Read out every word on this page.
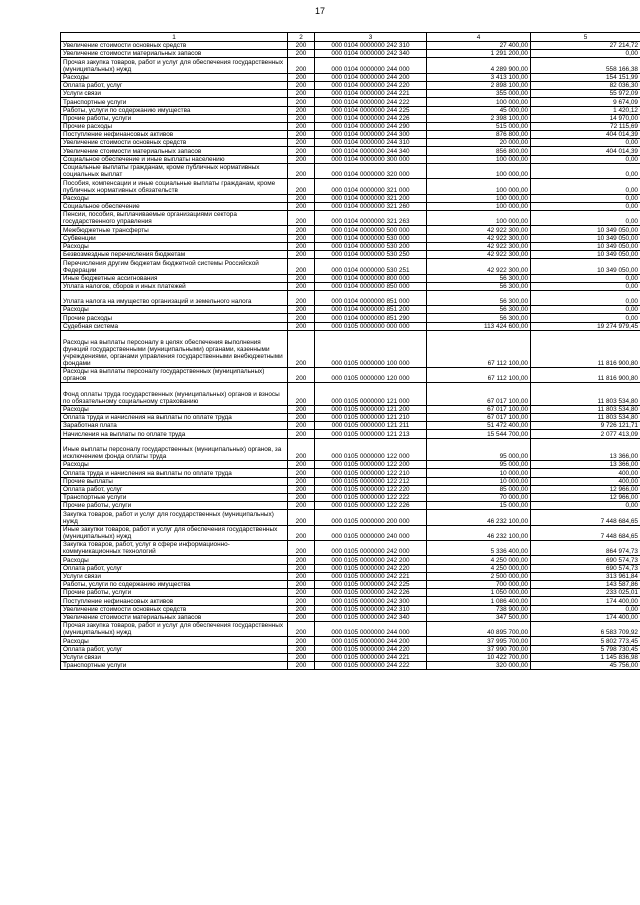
17
1	2	3	4	5
Увеличение стоимости основных средств	200	000 0104 0000000 242 310	27 400,00	27 214,72
Увеличение стоимости материальных запасов	200	000 0104 0000000 242 340	1 291 200,00	0,00
Прочая закупка товаров, работ и услуг для обеспечения государственных (муниципальных) нужд	200	000 0104 0000000 244 000	4 289 900,00	558 166,38
Расходы	200	000 0104 0000000 244 200	3 413 100,00	154 151,99
Оплата работ, услуг	200	000 0104 0000000 244 220	2 898 100,00	82 036,30
Услуги связи	200	000 0104 0000000 244 221	355 000,00	55 972,09
Транспортные услуги	200	000 0104 0000000 244 222	100 000,00	9 674,09
Работы, услуги по содержанию имущества	200	000 0104 0000000 244 225	45 000,00	1 420,12
Прочие работы, услуги	200	000 0104 0000000 244 226	2 398 100,00	14 970,00
Прочие расходы	200	000 0104 0000000 244 290	515 000,00	72 115,69
Поступление нефинансовых активов	200	000 0104 0000000 244 300	876 800,00	404 014,39
Увеличение стоимости основных средств	200	000 0104 0000000 244 310	20 000,00	0,00
Увеличение стоимости материальных запасов	200	000 0104 0000000 244 340	856 800,00	404 014,39
Социальное обеспечение и иные выплаты населению	200	000 0104 0000000 300 000	100 000,00	0,00
Социальные выплаты гражданам, кроме публичных нормативных социальных выплат	200	000 0104 0000000 320 000	100 000,00	0,00
Пособия, компенсации и иные социальные выплаты гражданам, кроме публичных нормативных обязательств	200	000 0104 0000000 321 000	100 000,00	0,00
Расходы	200	000 0104 0000000 321 200	100 000,00	0,00
Социальное обеспечение	200	000 0104 0000000 321 260	100 000,00	0,00
Пенсии, пособия, выплачиваемые организациями сектора государственного управления	200	000 0104 0000000 321 263	100 000,00	0,00
Межбюджетные трансферты	200	000 0104 0000000 500 000	42 922 300,00	10 349 050,00
Субвенции	200	000 0104 0000000 530 000	42 922 300,00	10 349 050,00
Расходы	200	000 0104 0000000 530 200	42 922 300,00	10 349 050,00
Безвозмездные перечисления бюджетам	200	000 0104 0000000 530 250	42 922 300,00	10 349 050,00
Перечисления другим бюджетам бюджетной системы Российской Федерации	200	000 0104 0000000 530 251	42 922 300,00	10 349 050,00
Иные бюджетные ассигнования	200	000 0104 0000000 800 000	56 300,00	0,00
Уплата налогов, сборов и иных платежей	200	000 0104 0000000 850 000	56 300,00	0,00
Уплата налога на имущество организаций и земельного налога	200	000 0104 0000000 851 000	56 300,00	0,00
Расходы	200	000 0104 0000000 851 200	56 300,00	0,00
Прочие расходы	200	000 0104 0000000 851 290	56 300,00	0,00
Судебная система	200	000 0105 0000000 000 000	113 424 600,00	19 274 979,45
Расходы на выплаты персоналу в целях обеспечения выполнения функций государственными (муниципальными) органами, казенными учреждениями, органами управления государственными внебюджетными фондами	200	000 0105 0000000 100 000	67 112 100,00	11 816 900,80
Расходы на выплаты персоналу государственных (муниципальных) органов	200	000 0105 0000000 120 000	67 112 100,00	11 816 900,80
Фонд оплаты труда государственных (муниципальных) органов и взносы по обязательному социальному страхованию	200	000 0105 0000000 121 000	67 017 100,00	11 803 534,80
Расходы	200	000 0105 0000000 121 200	67 017 100,00	11 803 534,80
Оплата труда и начисления на выплаты по оплате труда	200	000 0105 0000000 121 210	67 017 100,00	11 803 534,80
Заработная плата	200	000 0105 0000000 121 211	51 472 400,00	9 726 121,71
Начисления на выплаты по оплате труда	200	000 0105 0000000 121 213	15 544 700,00	2 077 413,09
Иные выплаты персоналу государственных (муниципальных) органов, за исключением фонда оплаты труда	200	000 0105 0000000 122 000	95 000,00	13 366,00
Расходы	200	000 0105 0000000 122 200	95 000,00	13 366,00
Оплата труда и начисления на выплаты по оплате труда	200	000 0105 0000000 122 210	10 000,00	400,00
Прочие выплаты	200	000 0105 0000000 122 212	10 000,00	400,00
Оплата работ, услуг	200	000 0105 0000000 122 220	85 000,00	12 966,00
Транспортные услуги	200	000 0105 0000000 122 222	70 000,00	12 966,00
Прочие работы, услуги	200	000 0105 0000000 122 226	15 000,00	0,00
Закупка товаров, работ и услуг для государственных (муниципальных) нужд	200	000 0105 0000000 200 000	46 232 100,00	7 448 684,65
Иные закупки товаров, работ и услуг для обеспечения государственных (муниципальных) нужд	200	000 0105 0000000 240 000	46 232 100,00	7 448 684,65
Закупка товаров, работ, услуг в сфере информационно-коммуникационных технологий	200	000 0105 0000000 242 000	5 336 400,00	864 974,73
Расходы	200	000 0105 0000000 242 200	4 250 000,00	690 574,73
Оплата работ, услуг	200	000 0105 0000000 242 220	4 250 000,00	690 574,73
Услуги связи	200	000 0105 0000000 242 221	2 500 000,00	313 961,84
Работы, услуги по содержанию имущества	200	000 0105 0000000 242 225	700 000,00	143 587,86
Прочие работы, услуги	200	000 0105 0000000 242 226	1 050 000,00	233 025,01
Поступление нефинансовых активов	200	000 0105 0000000 242 300	1 086 400,00	174 400,00
Увеличение стоимости основных средств	200	000 0105 0000000 242 310	738 900,00	0,00
Увеличение стоимости материальных запасов	200	000 0105 0000000 242 340	347 500,00	174 400,00
Прочая закупка товаров, работ и услуг для обеспечения государственных (муниципальных) нужд	200	000 0105 0000000 244 000	40 895 700,00	6 583 709,92
Расходы	200	000 0105 0000000 244 200	37 995 700,00	5 802 773,45
Оплата работ, услуг	200	000 0105 0000000 244 220	37 990 700,00	5 798 730,45
Услуги связи	200	000 0105 0000000 244 221	10 422 700,00	1 145 836,98
Транспортные услуги	200	000 0105 0000000 244 222	320 000,00	45 756,00
